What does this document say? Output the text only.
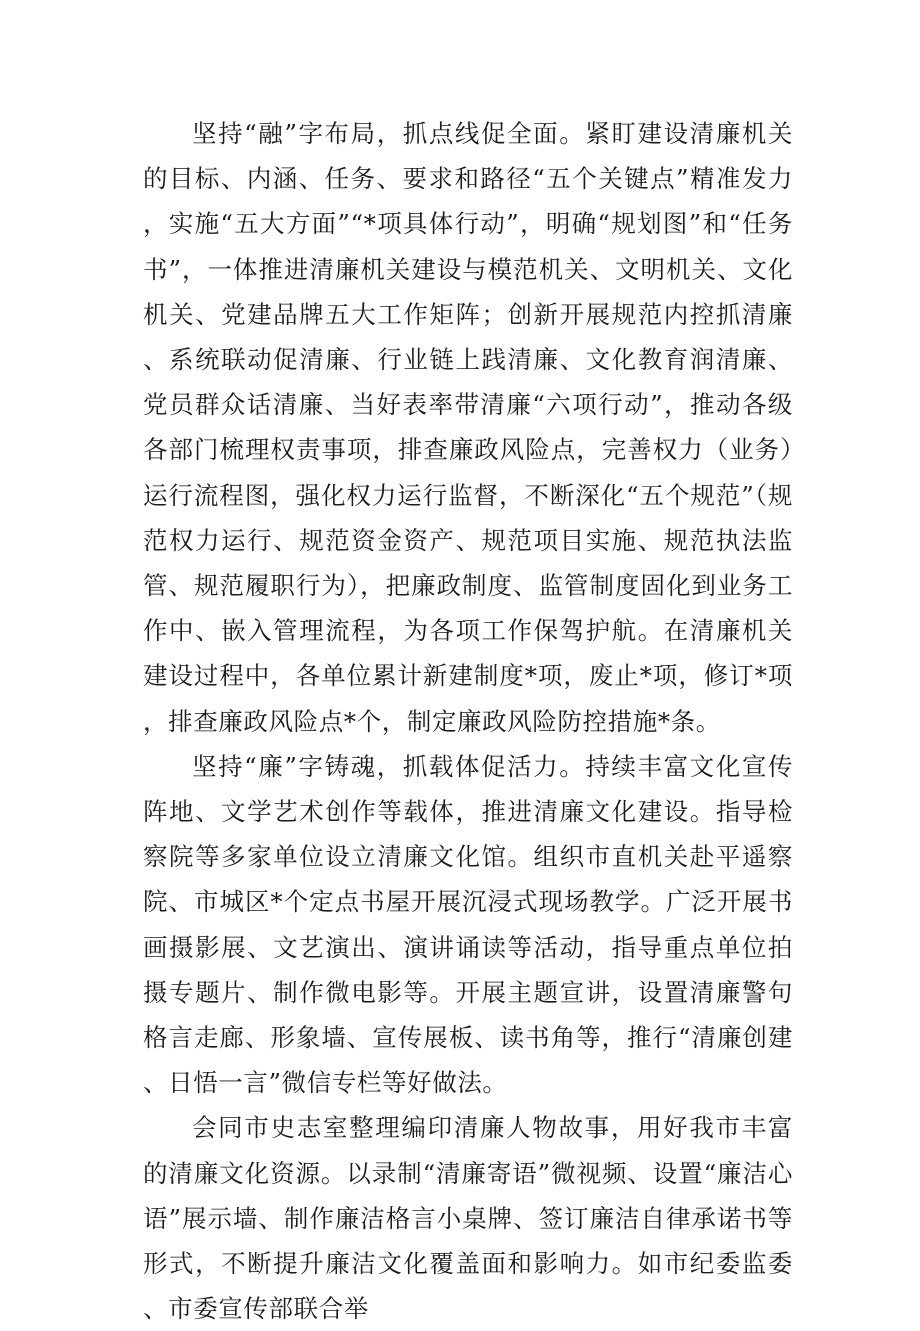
坚持“融”字布局，抓点线促全面。紧盯建设清廉机关的目标、内涵、任务、要求和路径“五个关键点”精准发力，实施“五大方面”“*项具体行动”，明确“规划图”和“任务书”，一体推进清廉机关建设与模范机关、文明机关、文化机关、党建品牌五大工作矩阵；创新开展规范内控抓清廉、系统联动促清廉、行业链上践清廉、文化教育润清廉、党员群众话清廉、当好表率带清廉“六项行动”，推动各级各部门梳理权责事项，排查廉政风险点，完善权力（业务）运行流程图，强化权力运行监督，不断深化“五个规范”（规范权力运行、规范资金资产、规范项目实施、规范执法监管、规范履职行为），把廉政制度、监管制度固化到业务工作中、嵌入管理流程，为各项工作保驾护航。在清廉机关建设过程中，各单位累计新建制度*项，废止*项，修订*项，排查廉政风险点*个，制定廉政风险防控措施*条。

坚持“廉”字铸魂，抓载体促活力。持续丰富文化宣传阵地、文学艺术创作等载体，推进清廉文化建设。指导检察院等多家单位设立清廉文化馆。组织市直机关赴平遥察院、市城区*个定点书屋开展沉浸式现场教学。广泛开展书画摄影展、文艺演出、演讲诵读等活动，指导重点单位拍摄专题片、制作微电影等。开展主题宣讲，设置清廉警句格言走廊、形象墙、宣传展板、读书角等，推行“清廉创建、日悟一言”微信专栏等好做法。

会同市史志室整理编印清廉人物故事，用好我市丰富的清廉文化资源。以录制“清廉寄语”微视频、设置“廉洁心语”展示墙、制作廉洁格言小桌牌、签订廉洁自律承诺书等形式，不断提升廉洁文化覆盖面和影响力。如市纪委监委、市委宣传部联合举
